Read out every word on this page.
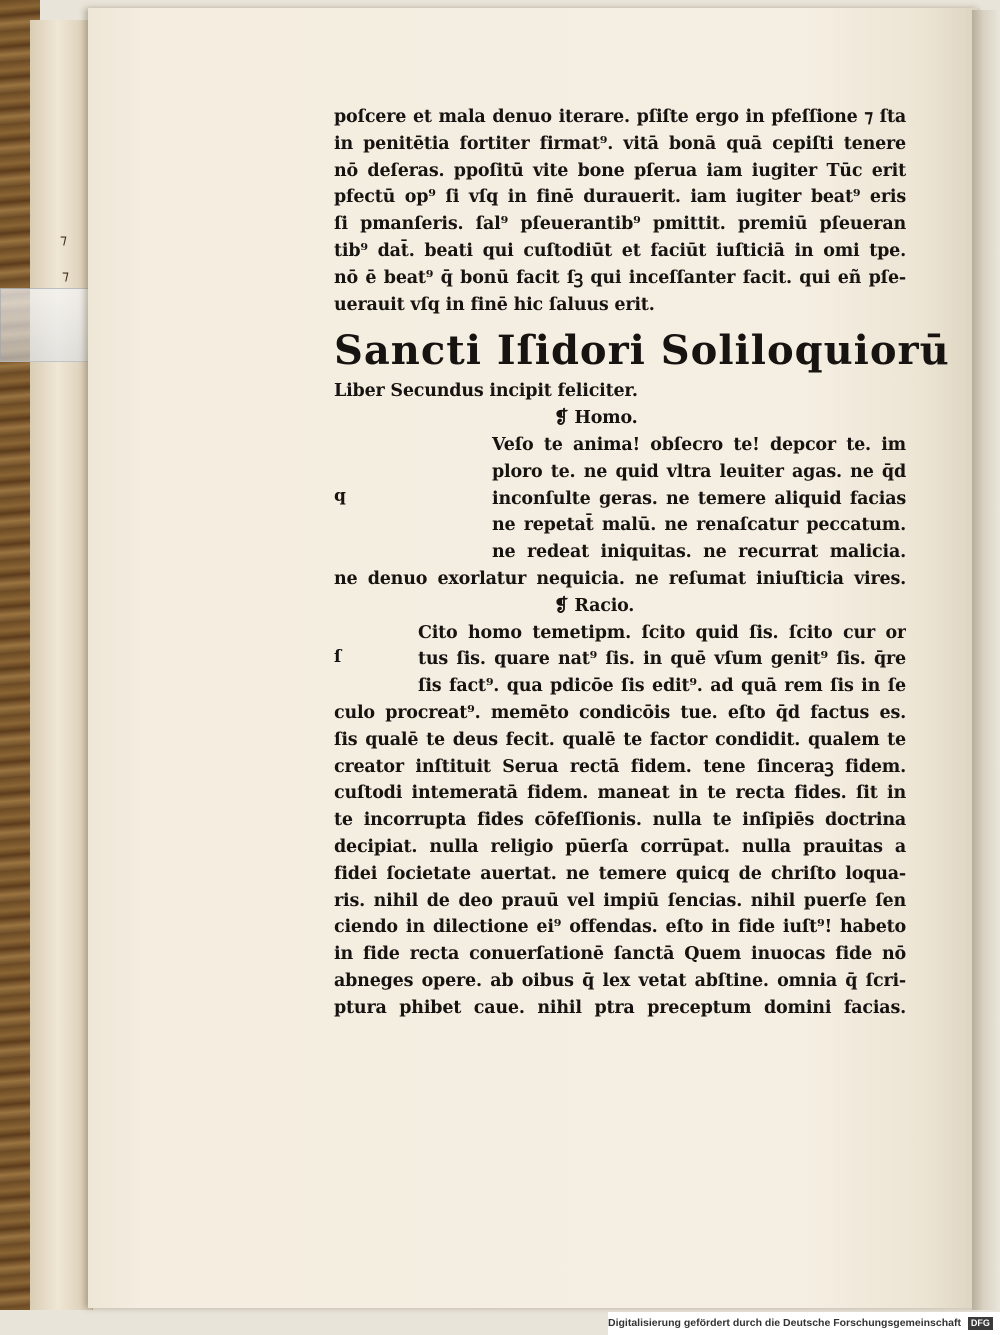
⁊
⁊
poſcere et mala denuo iterare. pſiſte ergo in pfeſſione ⁊ ſta
in penitētia fortiter firmat⁹. vitā bonā quā cepiſti tenere
nō deſeras. ppoſitū vite bone pſerua iam iugiter Tūc erit
pfectū op⁹ ſi vſq̧ in finē durauerit. iam iugiter beat⁹ eris
ſi pmanſeris. ſal⁹ pſeuerantib⁹ pmittit. premiū pſeueran
tib⁹ dat̄. beati qui cuſtodiūt et faciūt iuſticiā in omi tpe.
nō ē beat⁹ q̄ bonū facit ſꝫ qui inceſſanter facit. qui eñ pſe-
uerauit vſq̧ in finē hic ſaluus erit.
Sancti Iſidori Soliloquiorū
Liber Secundus incipit feliciter.
❡ Homo.
q
Veſo te anima! obſecro te! depcor te. im
ploro te. ne quid vltra leuiter agas. ne q̄d
inconſulte geras. ne temere aliquid facias
ne repetat̄ malū. ne renaſcatur peccatum.
ne redeat iniquitas. ne recurrat malicia.
ne denuo exorlatur nequicia. ne reſumat iniuſticia vires.
❡ Racio.
ſ
Cito homo temetipm. ſcito quid ſis. ſcito cur or
tus ſis. quare nat⁹ ſis. in quē vſum genit⁹ ſis. q̄re
ſis fact⁹. qua pdicōe ſis edit⁹. ad quā rem ſis in ſe
culo procreat⁹. memēto condicōis tue. eſto q̄d factus es.
ſis qualē te deus fecit. qualē te factor condidit. qualem te
creator inſtituit Serua rectā fidem. tene ſinceraꝫ fidem.
cuſtodi intemeratā fidem. maneat in te recta fides. ſit in
te incorrupta fides cōfeſſionis. nulla te inſipiēs doctrina
decipiat. nulla religio pūerſa corrūpat. nulla prauitas a
fidei ſocietate auertat. ne temere quicq̧ de chriſto loqua-
ris. nihil de deo prauū vel impiū ſencias. nihil puerſe ſen
ciendo in dilectione ei⁹ offendas. eſto in fide iuſt⁹! habeto
in fide recta conuerſationē ſanctā Quem inuocas fide nō
abneges opere. ab oibus q̄ lex vetat abſtine. omnia q̄ ſcri-
ptura phibet caue. nihil ptra preceptum domini facias.
Digitalisierung gefördert durch die Deutsche Forschungsgemeinschaft DFG
